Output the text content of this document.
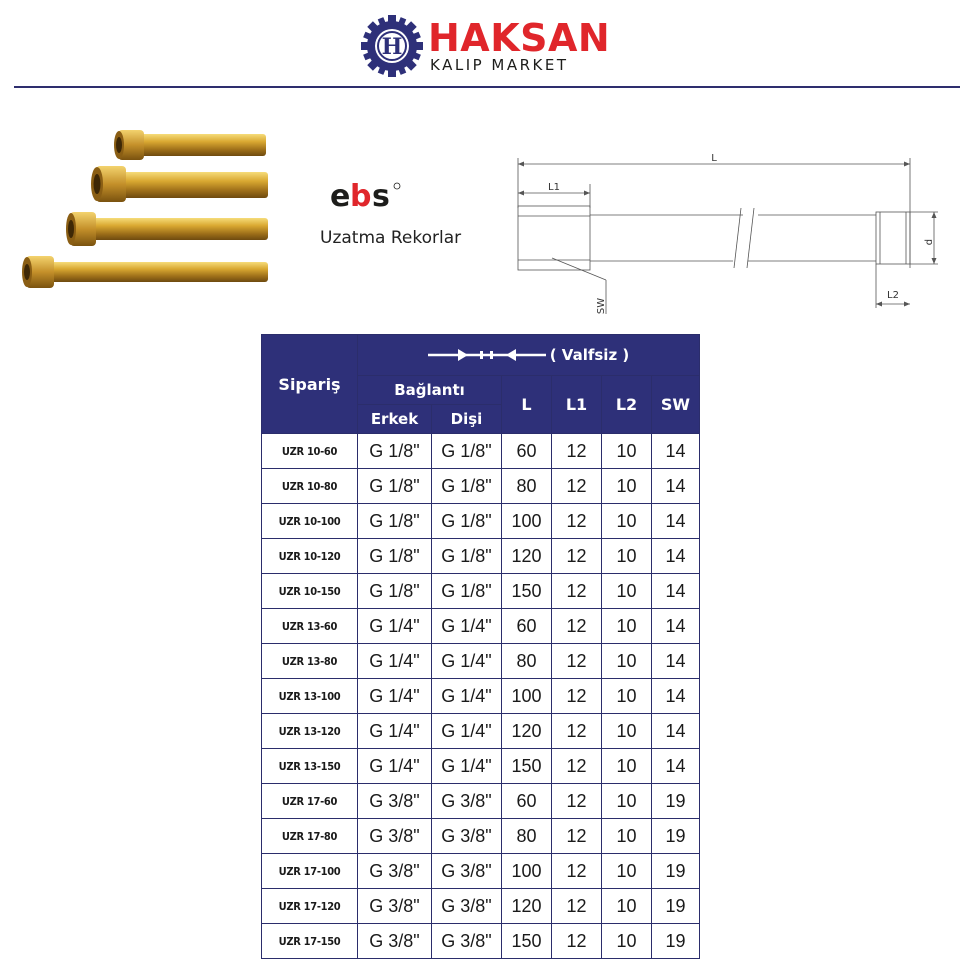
H HAKSAN
KALIP MARKET
e b s
Uzatma Rekorlar
L
L1
L2
d
SW
Sipariş	( Valfsiz )					

	Bağlantı		L	L1	L2	SW
	Erkek	Dişi				
UZR 10-60	G 1/8"	G 1/8"	60	12	10	14
UZR 10-80	G 1/8"	G 1/8"	80	12	10	14
UZR 10-100	G 1/8"	G 1/8"	100	12	10	14
UZR 10-120	G 1/8"	G 1/8"	120	12	10	14
UZR 10-150	G 1/8"	G 1/8"	150	12	10	14
UZR 13-60	G 1/4"	G 1/4"	60	12	10	14
UZR 13-80	G 1/4"	G 1/4"	80	12	10	14
UZR 13-100	G 1/4"	G 1/4"	100	12	10	14
UZR 13-120	G 1/4"	G 1/4"	120	12	10	14
UZR 13-150	G 1/4"	G 1/4"	150	12	10	14
UZR 17-60	G 3/8"	G 3/8"	60	12	10	19
UZR 17-80	G 3/8"	G 3/8"	80	12	10	19
UZR 17-100	G 3/8"	G 3/8"	100	12	10	19
UZR 17-120	G 3/8"	G 3/8"	120	12	10	19
UZR 17-150	G 3/8"	G 3/8"	150	12	10	19
